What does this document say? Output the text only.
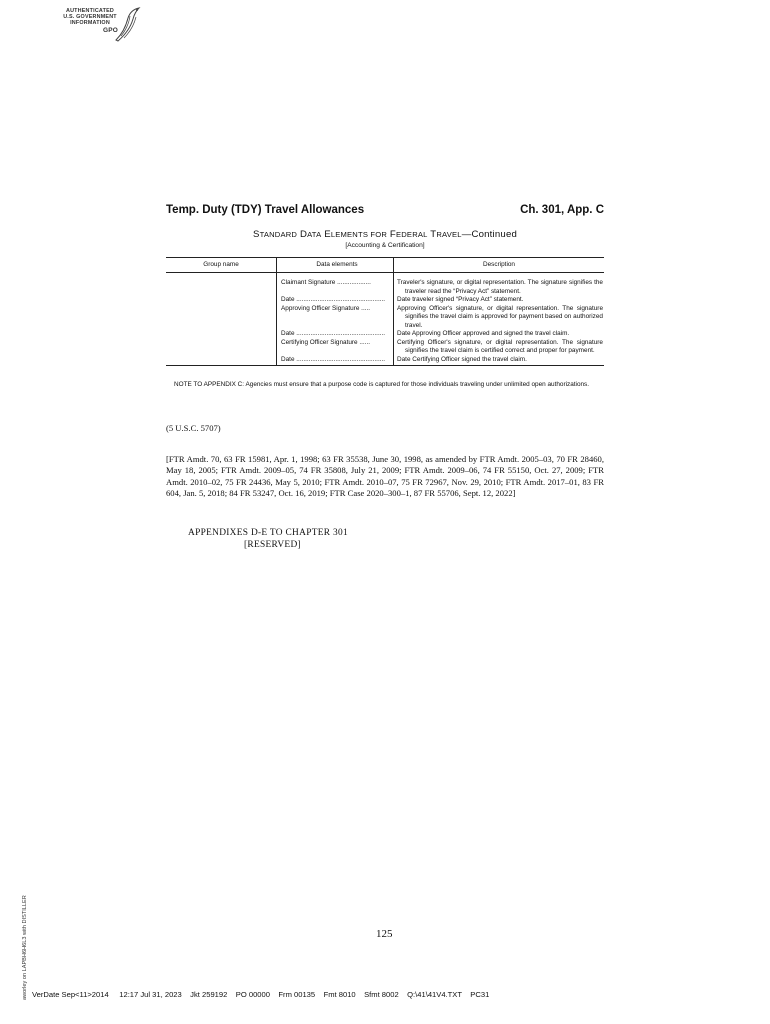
AUTHENTICATED
U.S. GOVERNMENT
INFORMATION
GPO
Temp. Duty (TDY) Travel Allowances	Ch. 301, App. C
STANDARD DATA ELEMENTS FOR FEDERAL TRAVEL—Continued
[Accounting & Certification]
Group name	Data elements	Description
	Claimant Signature ...................	Traveler's signature, or digital representation. The signature signifies the traveler read the “Privacy Act” statement.

	Date ..................................................	Date traveler signed “Privacy Act” statement.

	Approving Officer Signature .....	Approving Officer's signature, or digital representation. The signature signifies the travel claim is approved for payment based on authorized travel.

	Date ..................................................	Date Approving Officer approved and signed the travel claim.

	Certifying Officer Signature ......	Certifying Officer's signature, or digital representation. The signature signifies the travel claim is certified correct and proper for payment.

	Date ..................................................	Date Certifying Officer signed the travel claim.
NOTE TO APPENDIX C: Agencies must ensure that a purpose code is captured for those individuals traveling under unlimited open authorizations.
(5 U.S.C. 5707)
[FTR Amdt. 70, 63 FR 15981, Apr. 1, 1998; 63 FR 35538, June 30, 1998, as amended by FTR Amdt. 2005–03, 70 FR 28460, May 18, 2005; FTR Amdt. 2009–05, 74 FR 35808, July 21, 2009; FTR Amdt. 2009–06, 74 FR 55150, Oct. 27, 2009; FTR Amdt. 2010–02, 75 FR 24436, May 5, 2010; FTR Amdt. 2010–07, 75 FR 72967, Nov. 29, 2010; FTR Amdt. 2017–01, 83 FR 604, Jan. 5, 2018; 84 FR 53247, Oct. 16, 2019; FTR Case 2020–300–1, 87 FR 55706, Sept. 12, 2022]
APPENDIXES D-E TO CHAPTER 301
[RESERVED]
125
aworley on LAPBH6H6L3 with DISTILLER VerDate Sep<11>2014     12:17 Jul 31, 2023    Jkt 259192    PO 00000    Frm 00135    Fmt 8010    Sfmt 8002    Q:\41\41V4.TXT    PC31
